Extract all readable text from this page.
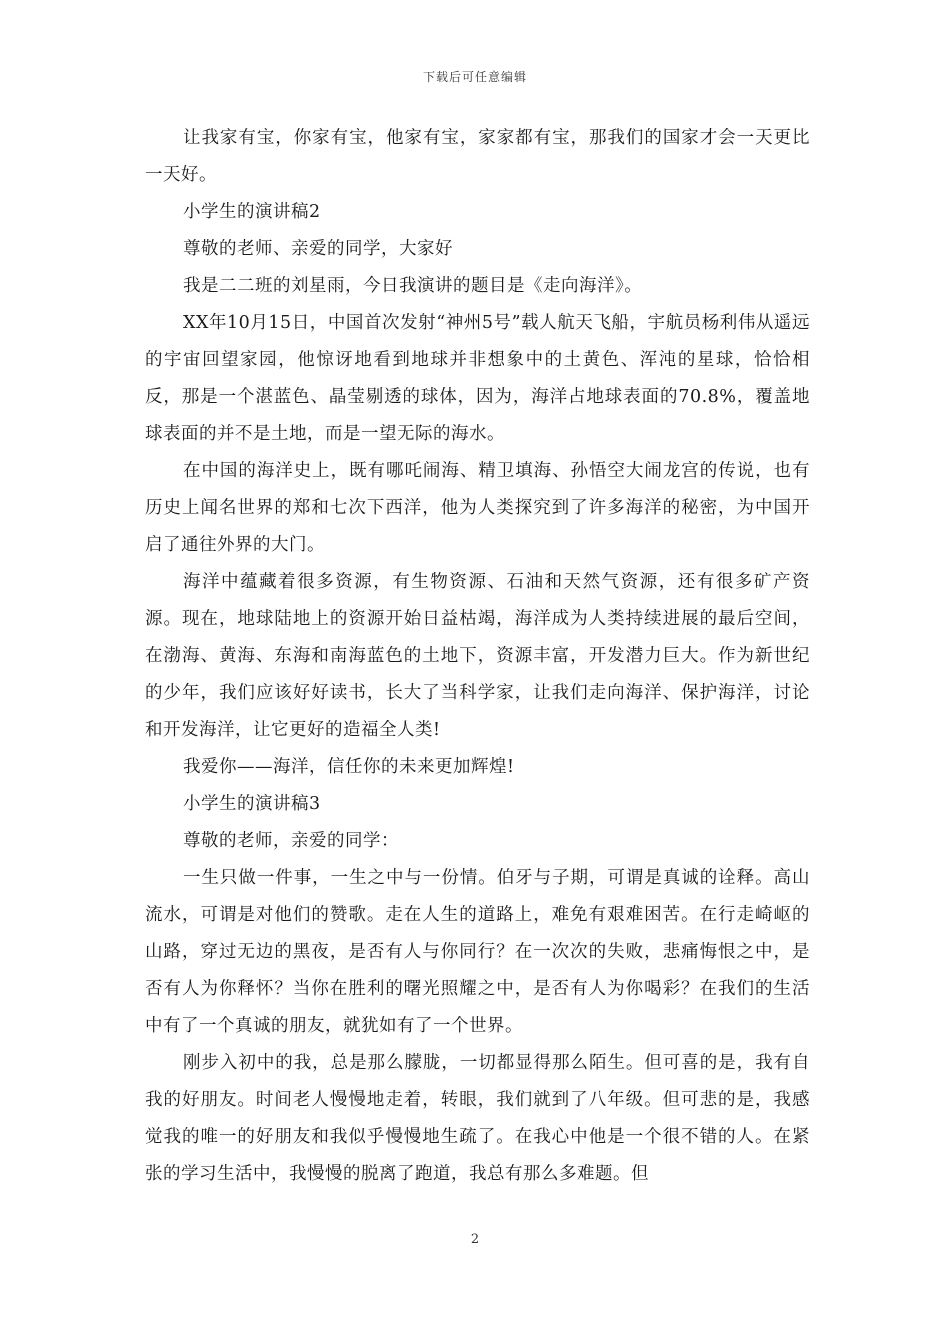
下载后可任意编辑

让我家有宝，你家有宝，他家有宝，家家都有宝，那我们的国家才会一天更比一天好。

小学生的演讲稿2

尊敬的老师、亲爱的同学，大家好

我是二二班的刘星雨，今日我演讲的题目是《走向海洋》。

XX年10月15日，中国首次发射“神州5号”载人航天飞船，宇航员杨利伟从遥远的宇宙回望家园，他惊讶地看到地球并非想象中的土黄色、浑沌的星球，恰恰相反，那是一个湛蓝色、晶莹剔透的球体，因为，海洋占地球表面的70.8%，覆盖地球表面的并不是土地，而是一望无际的海水。

在中国的海洋史上，既有哪吒闹海、精卫填海、孙悟空大闹龙宫的传说，也有历史上闻名世界的郑和七次下西洋，他为人类探究到了许多海洋的秘密，为中国开启了通往外界的大门。

海洋中蕴藏着很多资源，有生物资源、石油和天然气资源，还有很多矿产资源。现在，地球陆地上的资源开始日益枯竭，海洋成为人类持续进展的最后空间，在渤海、黄海、东海和南海蓝色的土地下，资源丰富，开发潜力巨大。作为新世纪的少年，我们应该好好读书，长大了当科学家，让我们走向海洋、保护海洋，讨论和开发海洋，让它更好的造福全人类!

我爱你——海洋，信任你的未来更加辉煌!

小学生的演讲稿3

尊敬的老师，亲爱的同学：

一生只做一件事，一生之中与一份情。伯牙与子期，可谓是真诚的诠释。高山流水，可谓是对他们的赞歌。走在人生的道路上，难免有艰难困苦。在行走崎岖的山路，穿过无边的黑夜，是否有人与你同行？在一次次的失败，悲痛悔恨之中，是否有人为你释怀？当你在胜利的曙光照耀之中，是否有人为你喝彩？在我们的生活中有了一个真诚的朋友，就犹如有了一个世界。

刚步入初中的我，总是那么朦胧，一切都显得那么陌生。但可喜的是，我有自我的好朋友。时间老人慢慢地走着，转眼，我们就到了八年级。但可悲的是，我感觉我的唯一的好朋友和我似乎慢慢地生疏了。在我心中他是一个很不错的人。在紧张的学习生活中，我慢慢的脱离了跑道，我总有那么多难题。但

2
